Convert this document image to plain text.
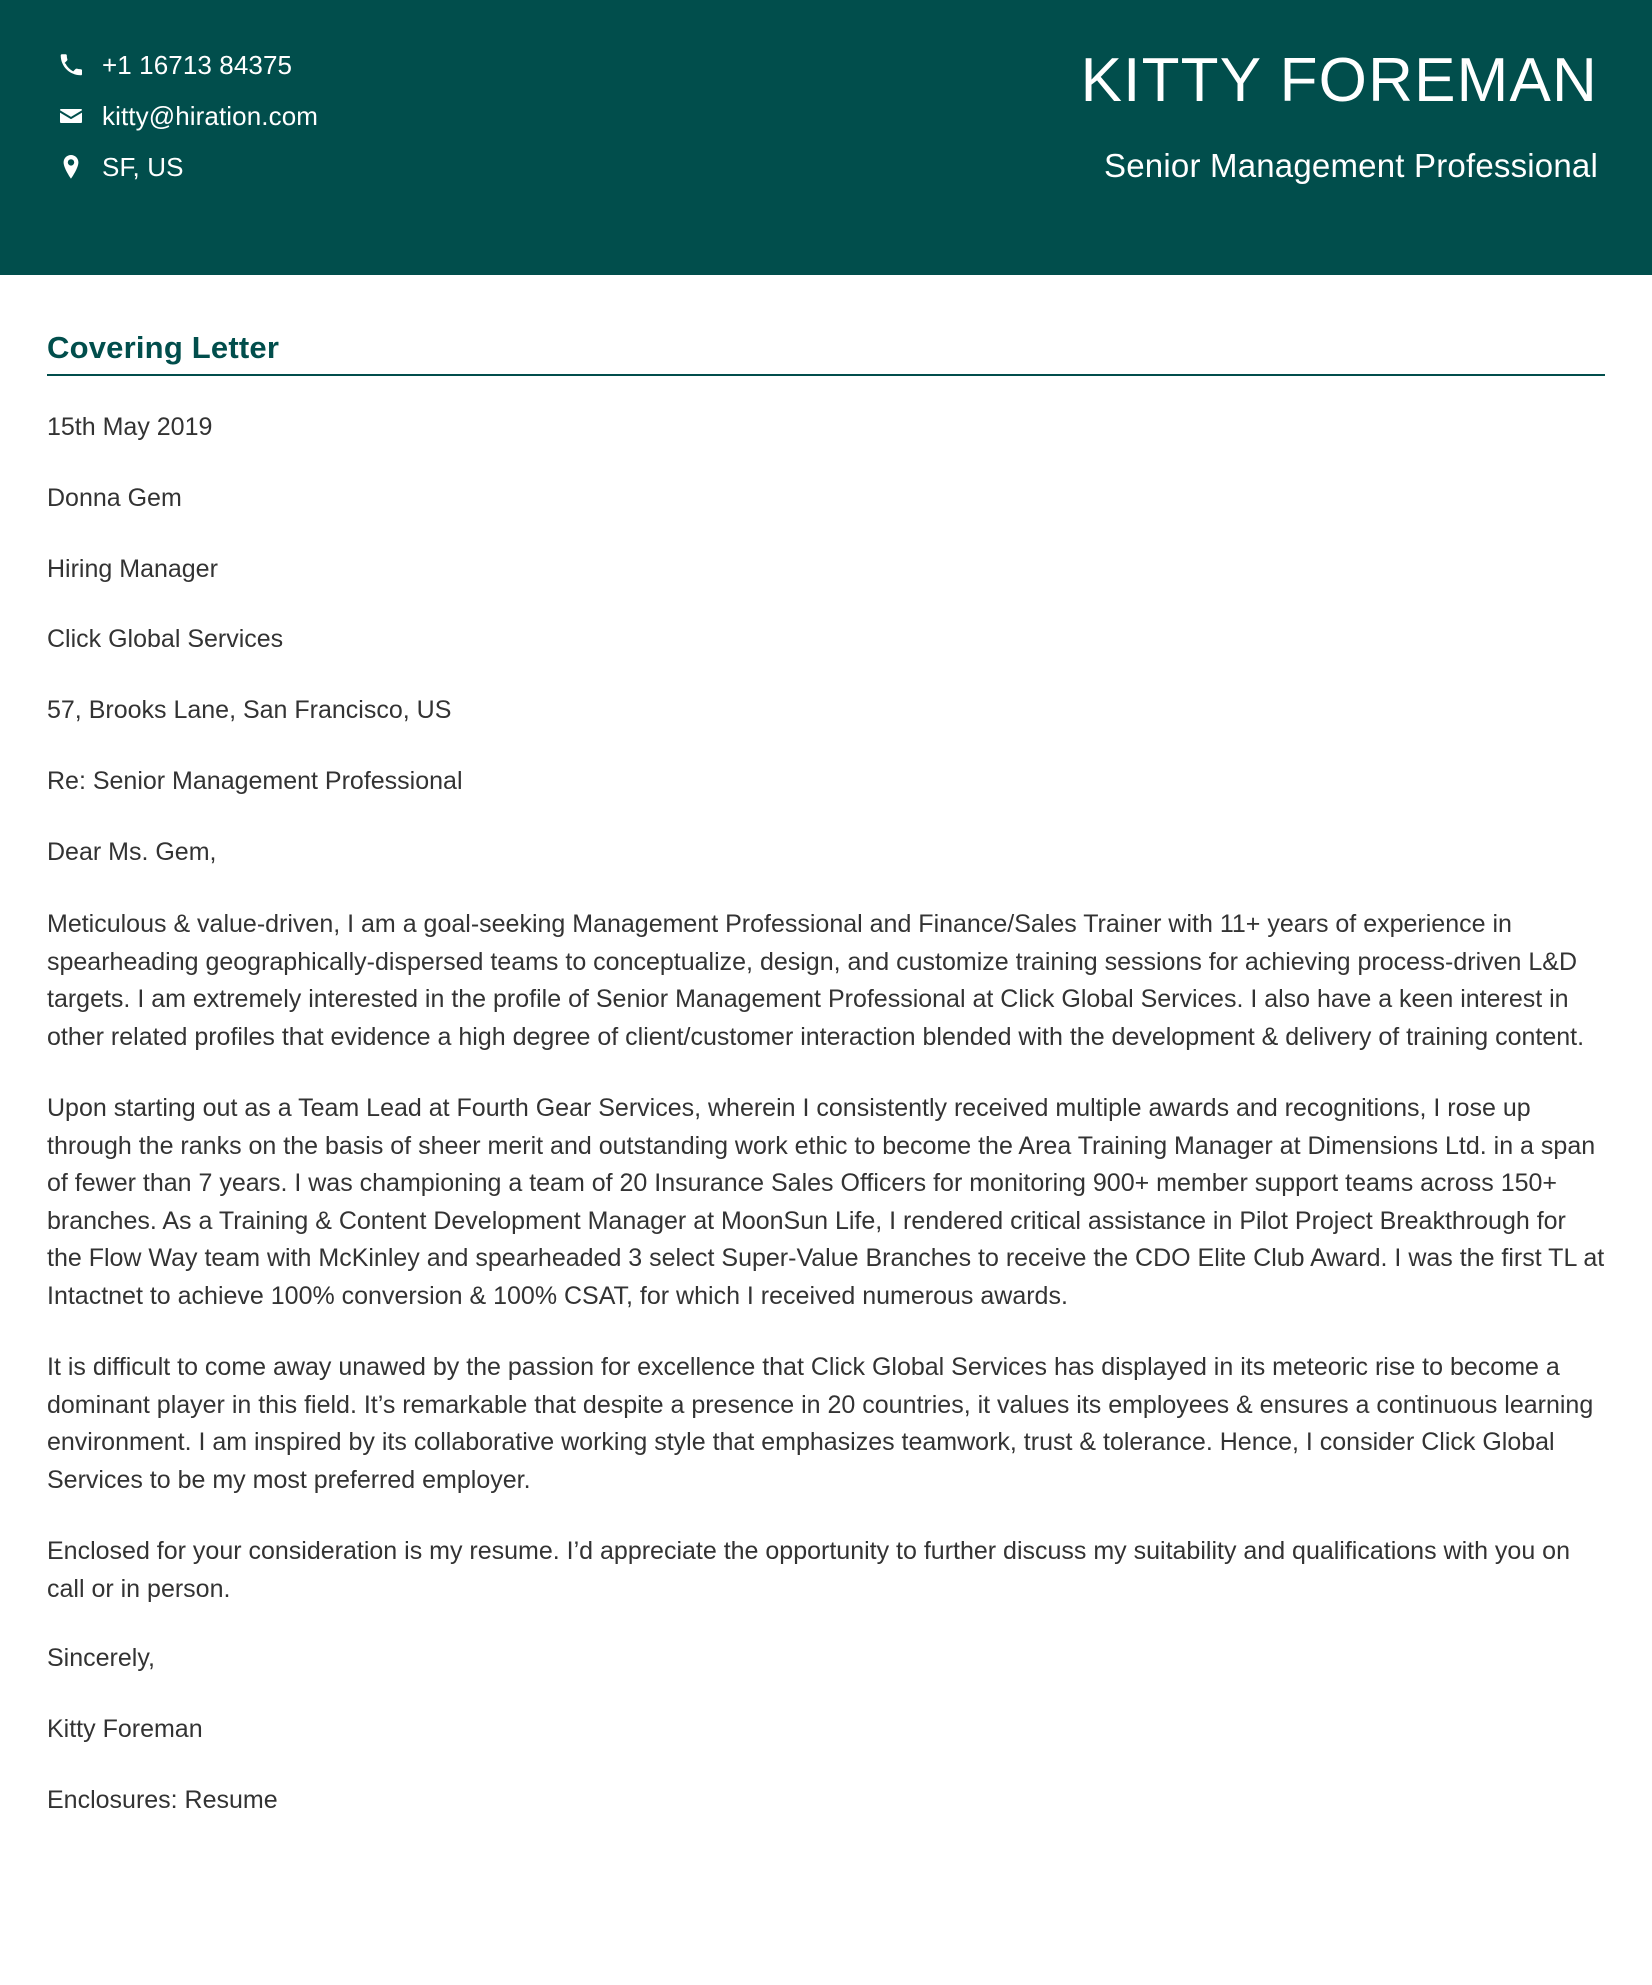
+1 16713 84375
kitty@hiration.com
SF, US
KITTY FOREMAN
Senior Management Professional
Covering Letter
15th May 2019
Donna Gem
Hiring Manager
Click Global Services
57, Brooks Lane, San Francisco, US
Re: Senior Management Professional
Dear Ms. Gem,

Meticulous & value-driven, I am a goal-seeking Management Professional and Finance/Sales Trainer with 11+ years of experience in spearheading geographically-dispersed teams to conceptualize, design, and customize training sessions for achieving process-driven L&D targets. I am extremely interested in the profile of Senior Management Professional at Click Global Services. I also have a keen interest in other related profiles that evidence a high degree of client/customer interaction blended with the development & delivery of training content.

Upon starting out as a Team Lead at Fourth Gear Services, wherein I consistently received multiple awards and recognitions, I rose up through the ranks on the basis of sheer merit and outstanding work ethic to become the Area Training Manager at Dimensions Ltd. in a span of fewer than 7 years. I was championing a team of 20 Insurance Sales Officers for monitoring 900+ member support teams across 150+ branches. As a Training & Content Development Manager at MoonSun Life, I rendered critical assistance in Pilot Project Breakthrough for the Flow Way team with McKinley and spearheaded 3 select Super-Value Branches to receive the CDO Elite Club Award. I was the first TL at Intactnet to achieve 100% conversion & 100% CSAT, for which I received numerous awards.

It is difficult to come away unawed by the passion for excellence that Click Global Services has displayed in its meteoric rise to become a dominant player in this field. It’s remarkable that despite a presence in 20 countries, it values its employees & ensures a continuous learning environment. I am inspired by its collaborative working style that emphasizes teamwork, trust & tolerance. Hence, I consider Click Global Services to be my most preferred employer.

Enclosed for your consideration is my resume. I’d appreciate the opportunity to further discuss my suitability and qualifications with you on call or in person.

Sincerely,
Kitty Foreman
Enclosures: Resume
